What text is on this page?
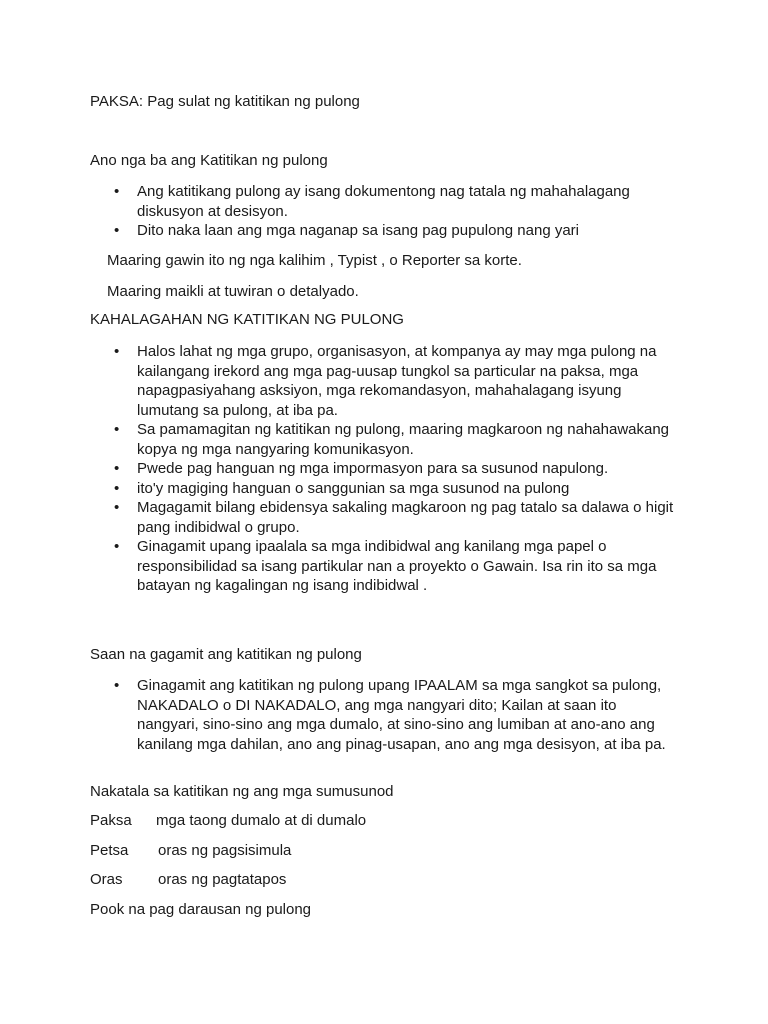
PAKSA: Pag sulat ng katitikan ng pulong
Ano nga ba ang Katitikan ng pulong
• Ang katitikang pulong ay isang dokumentong nag tatala ng mahahalagang
diskusyon at desisyon.
• Dito naka laan ang mga naganap sa isang pag pupulong nang yari
Maaring gawin ito ng nga kalihim , Typist , o Reporter sa korte.
Maaring maikli at tuwiran o detalyado.
KAHALAGAHAN NG KATITIKAN NG PULONG
• Halos lahat ng mga grupo, organisasyon, at kompanya ay may mga pulong na
kailangang irekord ang mga pag-uusap tungkol sa particular na paksa, mga
napagpasiyahang asksiyon, mga rekomandasyon, mahahalagang isyung
lumutang sa pulong, at iba pa.
• Sa pamamagitan ng katitikan ng pulong, maaring magkaroon ng nahahawakang
kopya ng mga nangyaring komunikasyon.
• Pwede pag hanguan ng mga impormasyon para sa susunod napulong.
• ito'y magiging hanguan o sanggunian sa mga susunod na pulong
• Magagamit bilang ebidensya sakaling magkaroon ng pag tatalo sa dalawa o higit
pang indibidwal o grupo.
• Ginagamit upang ipaalala sa mga indibidwal ang kanilang mga papel o
responsibilidad sa isang partikular nan a proyekto o Gawain. Isa rin ito sa mga
batayan ng kagalingan ng isang indibidwal .
Saan na gagamit ang katitikan ng pulong
• Ginagamit ang katitikan ng pulong upang IPAALAM sa mga sangkot sa pulong,
NAKADALO o DI NAKADALO, ang mga nangyari dito; Kailan at saan ito
nangyari, sino-sino ang mga dumalo, at sino-sino ang lumiban at ano-ano ang
kanilang mga dahilan, ano ang pinag-usapan, ano ang mga desisyon, at iba pa.
Nakatala sa katitikan ng ang mga sumusunod
Paksa mga taong dumalo at di dumalo
Petsa oras ng pagsisimula
Oras oras ng pagtatapos
Pook na pag darausan ng pulong
